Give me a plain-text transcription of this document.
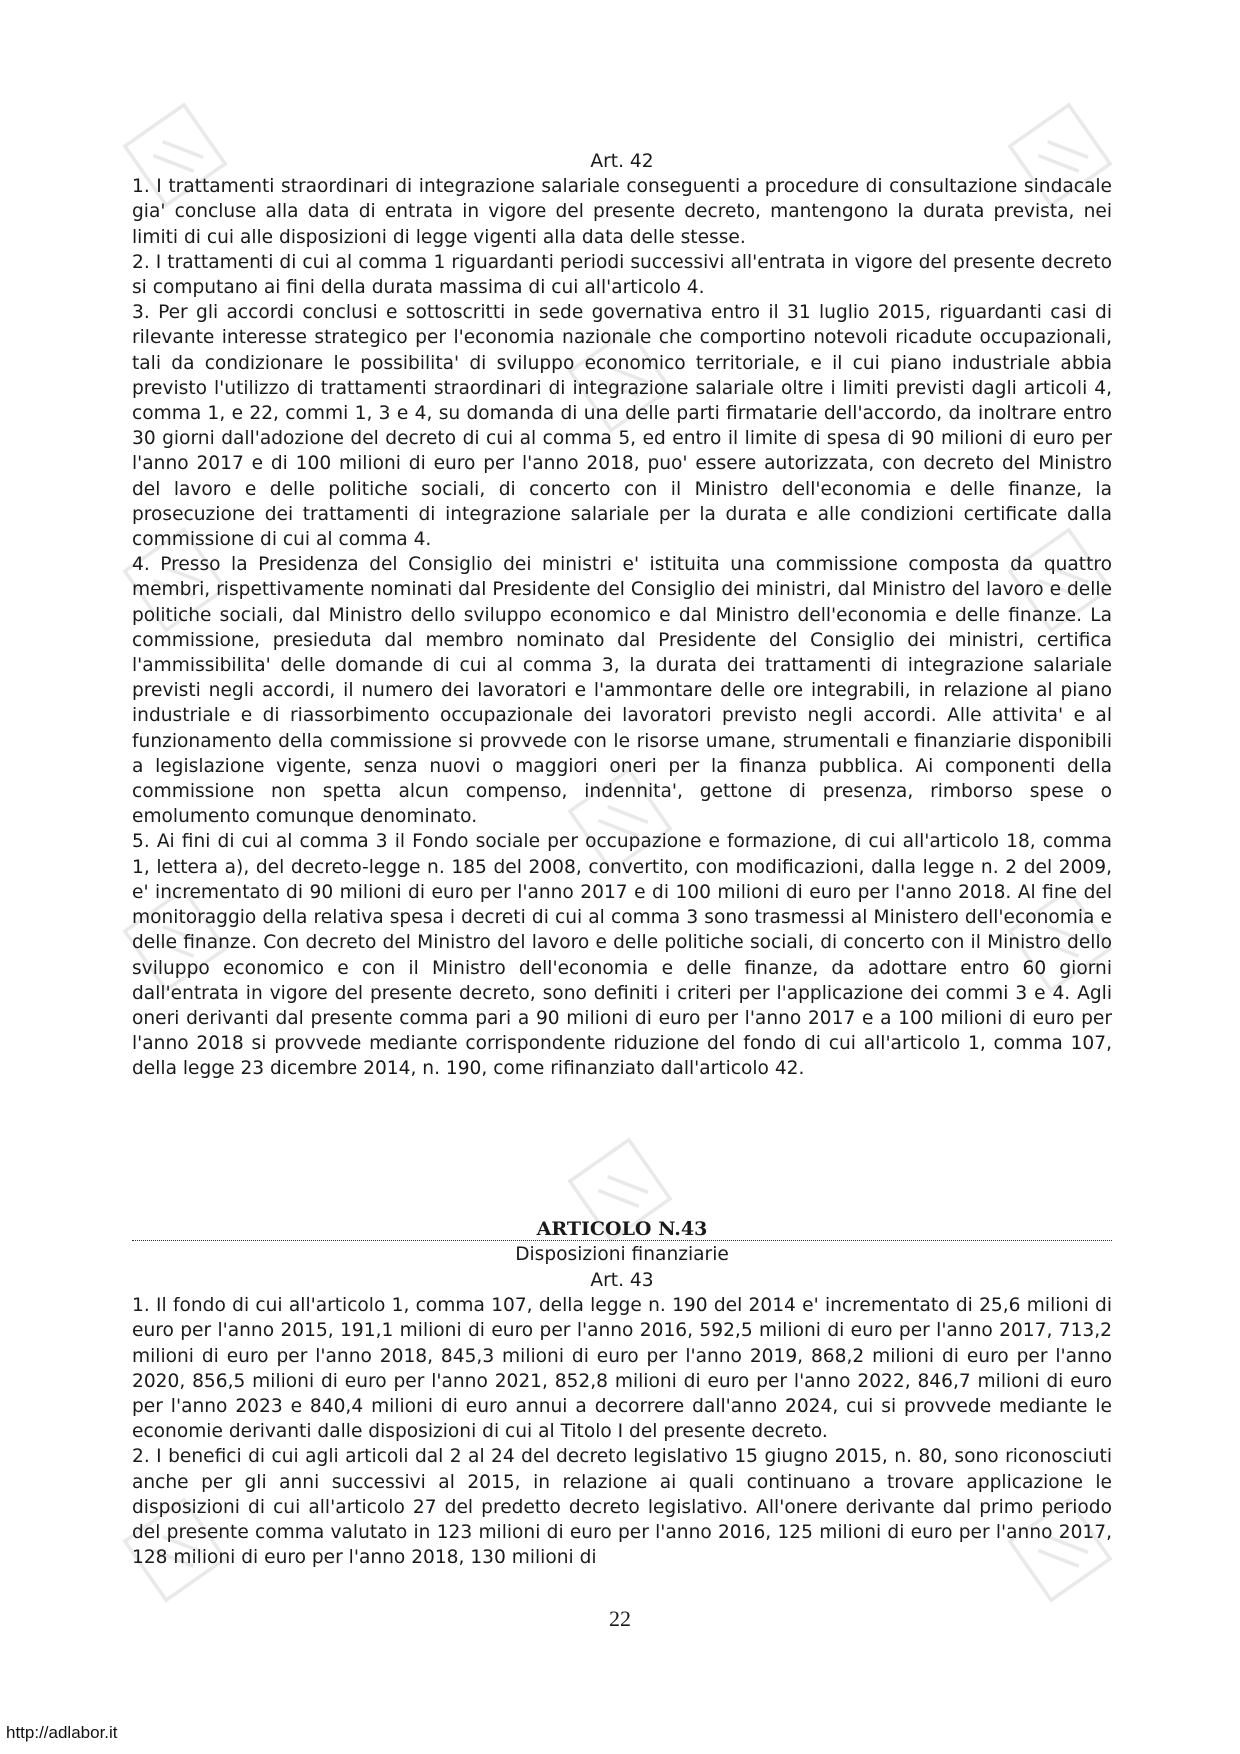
Art. 42

1. I trattamenti straordinari di integrazione salariale conseguenti a procedure di consultazione sindacale gia' concluse alla data di entrata in vigore del presente decreto, mantengono la durata prevista, nei limiti di cui alle disposizioni di legge vigenti alla data delle stesse.

2. I trattamenti di cui al comma 1 riguardanti periodi successivi all'entrata in vigore del presente decreto si computano ai fini della durata massima di cui all'articolo 4.

3. Per gli accordi conclusi e sottoscritti in sede governativa entro il 31 luglio 2015, riguardanti casi di rilevante interesse strategico per l'economia nazionale che comportino notevoli ricadute occupazionali, tali da condizionare le possibilita' di sviluppo economico territoriale, e il cui piano industriale abbia previsto l'utilizzo di trattamenti straordinari di integrazione salariale oltre i limiti previsti dagli articoli 4, comma 1, e 22, commi 1, 3 e 4, su domanda di una delle parti firmatarie dell'accordo, da inoltrare entro 30 giorni dall'adozione del decreto di cui al comma 5, ed entro il limite di spesa di 90 milioni di euro per l'anno 2017 e di 100 milioni di euro per l'anno 2018, puo' essere autorizzata, con decreto del Ministro del lavoro e delle politiche sociali, di concerto con il Ministro dell'economia e delle finanze, la prosecuzione dei trattamenti di integrazione salariale per la durata e alle condizioni certificate dalla commissione di cui al comma 4.

4. Presso la Presidenza del Consiglio dei ministri e' istituita una commissione composta da quattro membri, rispettivamente nominati dal Presidente del Consiglio dei ministri, dal Ministro del lavoro e delle politiche sociali, dal Ministro dello sviluppo economico e dal Ministro dell'economia e delle finanze. La commissione, presieduta dal membro nominato dal Presidente del Consiglio dei ministri, certifica l'ammissibilita' delle domande di cui al comma 3, la durata dei trattamenti di integrazione salariale previsti negli accordi, il numero dei lavoratori e l'ammontare delle ore integrabili, in relazione al piano industriale e di riassorbimento occupazionale dei lavoratori previsto negli accordi. Alle attivita' e al funzionamento della commissione si provvede con le risorse umane, strumentali e finanziarie disponibili a legislazione vigente, senza nuovi o maggiori oneri per la finanza pubblica. Ai componenti della commissione non spetta alcun compenso, indennita', gettone di presenza, rimborso spese o emolumento comunque denominato.

5. Ai fini di cui al comma 3 il Fondo sociale per occupazione e formazione, di cui all'articolo 18, comma 1, lettera a), del decreto-legge n. 185 del 2008, convertito, con modificazioni, dalla legge n. 2 del 2009, e' incrementato di 90 milioni di euro per l'anno 2017 e di 100 milioni di euro per l'anno 2018. Al fine del monitoraggio della relativa spesa i decreti di cui al comma 3 sono trasmessi al Ministero dell'economia e delle finanze. Con decreto del Ministro del lavoro e delle politiche sociali, di concerto con il Ministro dello sviluppo economico e con il Ministro dell'economia e delle finanze, da adottare entro 60 giorni dall'entrata in vigore del presente decreto, sono definiti i criteri per l'applicazione dei commi 3 e 4. Agli oneri derivanti dal presente comma pari a 90 milioni di euro per l'anno 2017 e a 100 milioni di euro per l'anno 2018 si provvede mediante corrispondente riduzione del fondo di cui all'articolo 1, comma 107, della legge 23 dicembre 2014, n. 190, come rifinanziato dall'articolo 42.

ARTICOLO N.43
Disposizioni finanziarie

Art. 43

1. Il fondo di cui all'articolo 1, comma 107, della legge n. 190 del 2014 e' incrementato di 25,6 milioni di euro per l'anno 2015, 191,1 milioni di euro per l'anno 2016, 592,5 milioni di euro per l'anno 2017, 713,2 milioni di euro per l'anno 2018, 845,3 milioni di euro per l'anno 2019, 868,2 milioni di euro per l'anno 2020, 856,5 milioni di euro per l'anno 2021, 852,8 milioni di euro per l'anno 2022, 846,7 milioni di euro per l'anno 2023 e 840,4 milioni di euro annui a decorrere dall'anno 2024, cui si provvede mediante le economie derivanti dalle disposizioni di cui al Titolo I del presente decreto.

2. I benefici di cui agli articoli dal 2 al 24 del decreto legislativo 15 giugno 2015, n. 80, sono riconosciuti anche per gli anni successivi al 2015, in relazione ai quali continuano a trovare applicazione le disposizioni di cui all'articolo 27 del predetto decreto legislativo. All'onere derivante dal primo periodo del presente comma valutato in 123 milioni di euro per l'anno 2016, 125 milioni di euro per l'anno 2017, 128 milioni di euro per l'anno 2018, 130 milioni di

22
http://adlabor.it
